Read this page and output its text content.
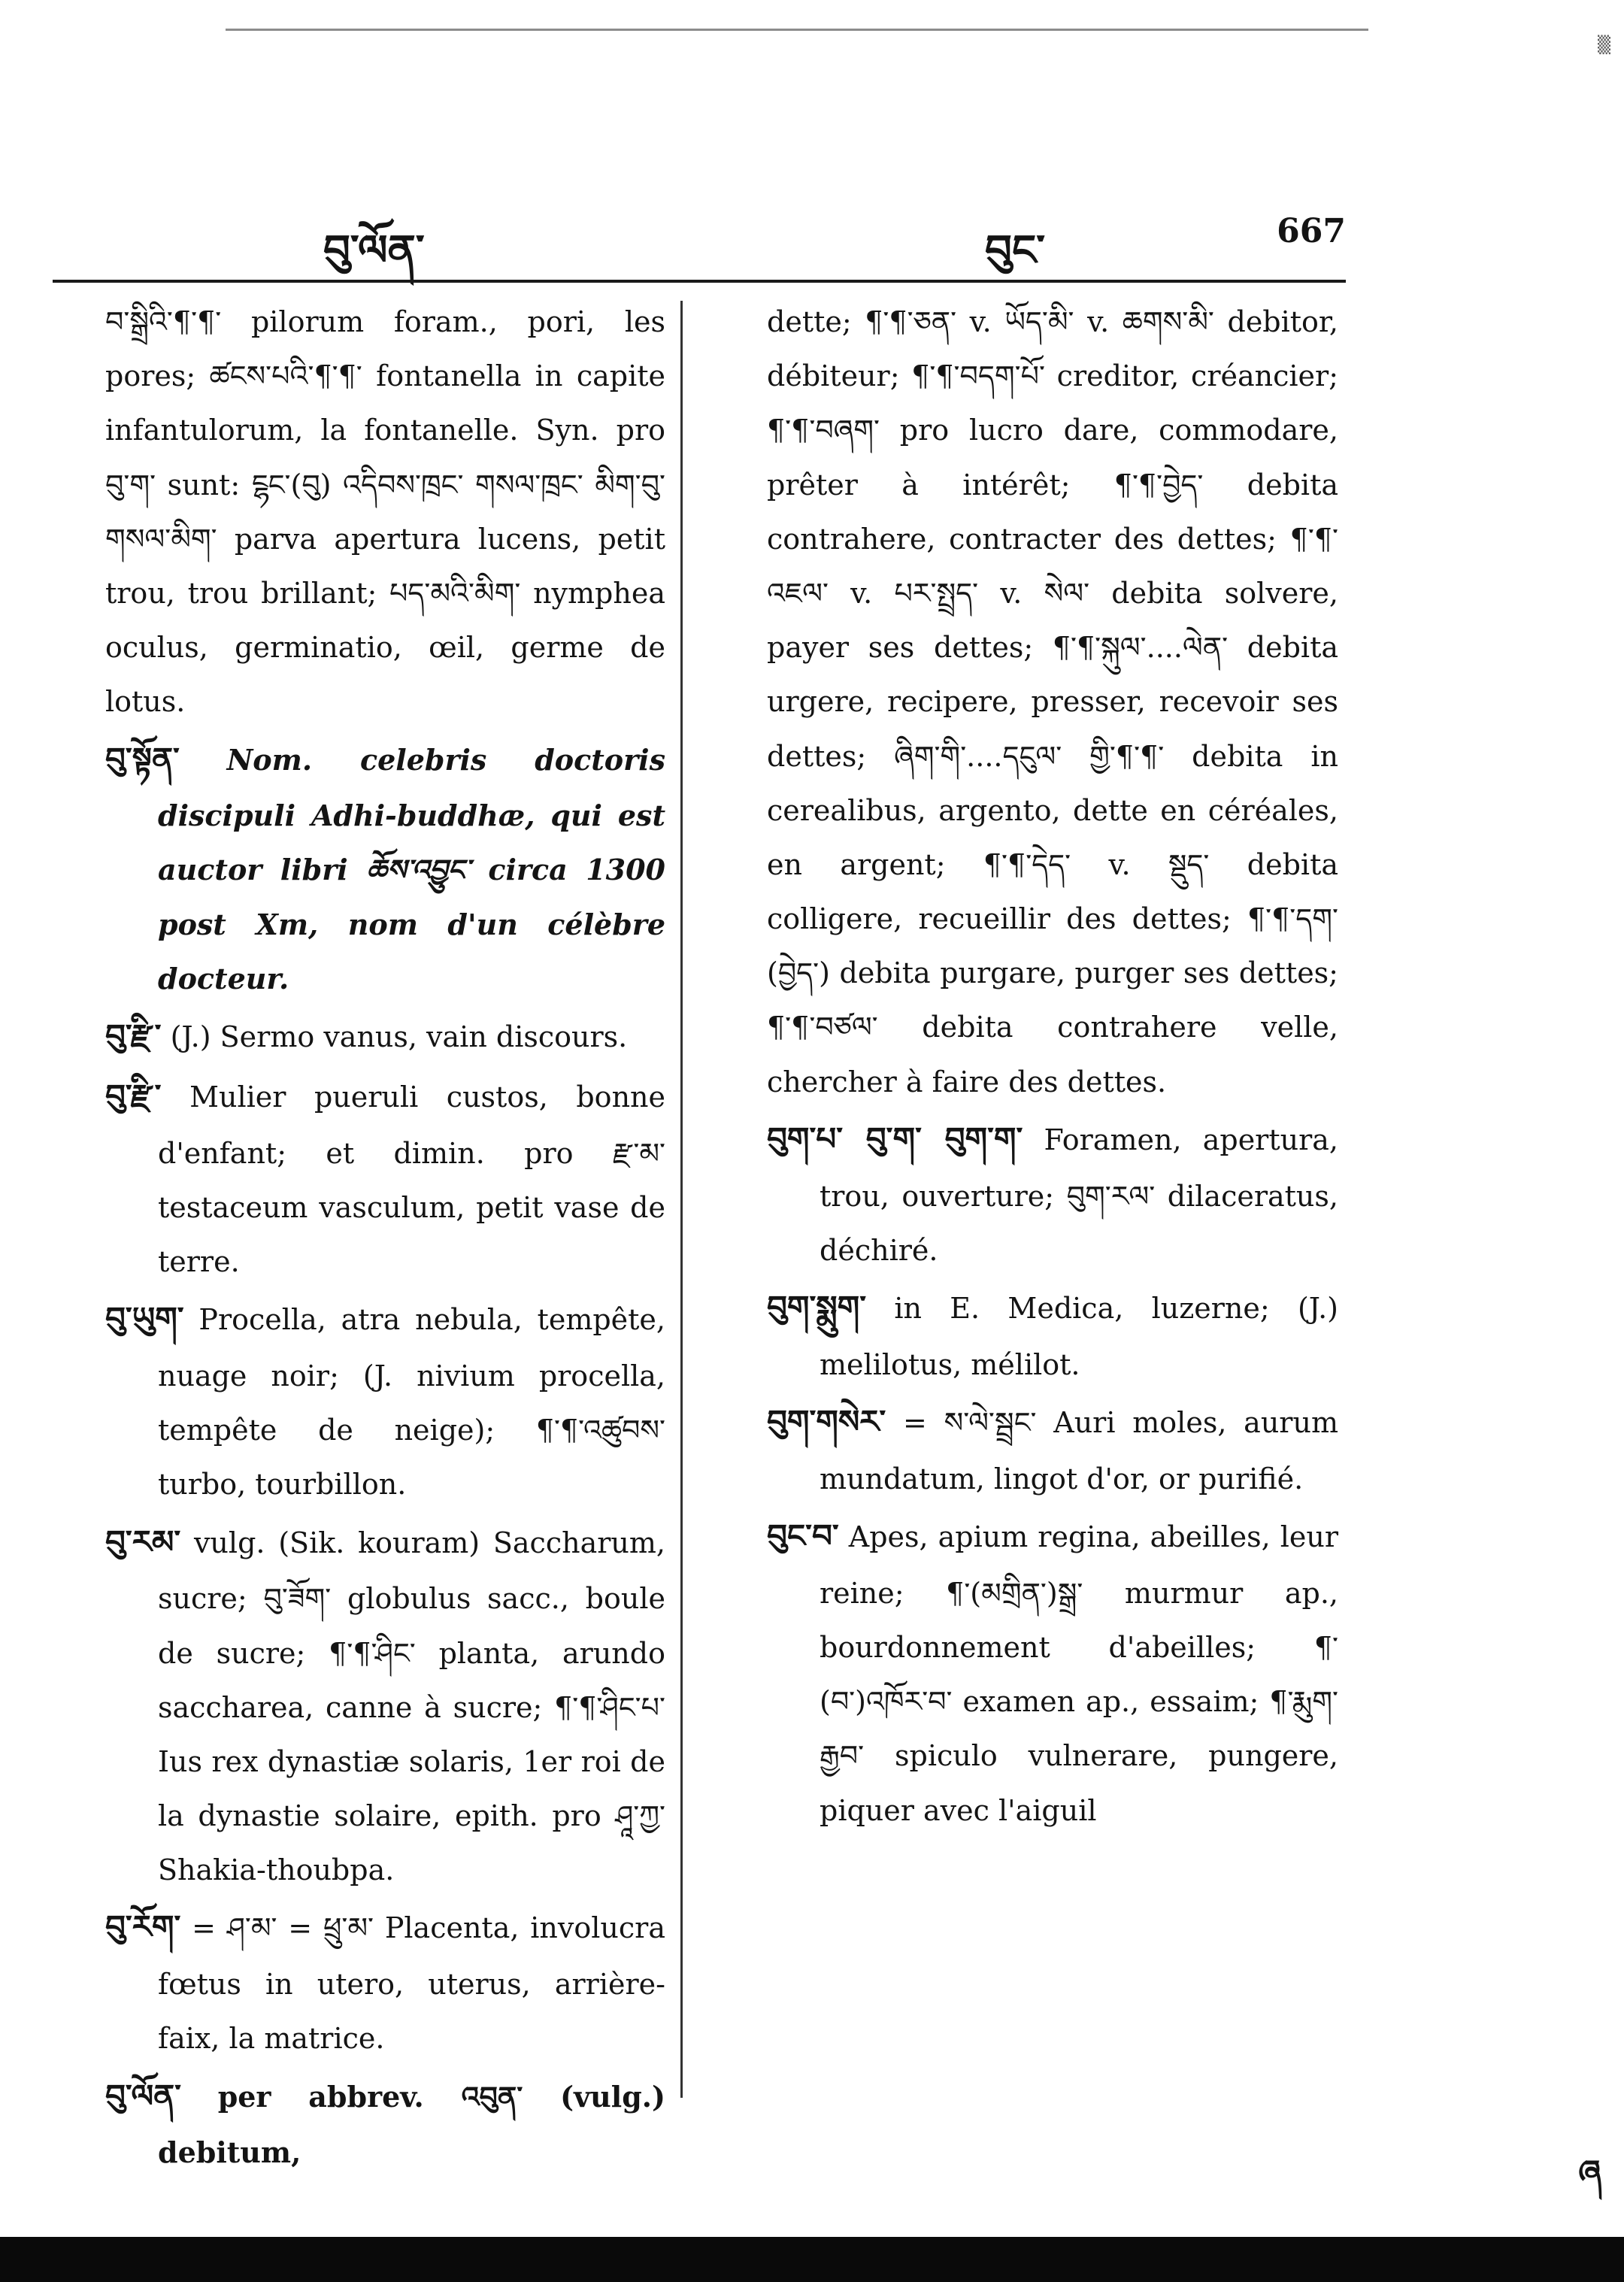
▒
བུ་ལོན་	བུང་	667

བ་སྒྲིའི་¶་¶་ pilorum foram., pori, les pores; ཚངས་པའི་¶་¶་ fontanella in capite infantulorum, la fontanelle. Syn. pro བུ་ག་ sunt: ངྷང་(བུ) འདིབས་ཁྲང་ གསལ་ཁྲང་ མིག་བུ་ གསལ་མིག་ parva apertura lucens, petit trou, trou brillant; པད་མའི་མིག་ nymphea oculus, germinatio, œil, germe de lotus.

བུ་སྟོན་ Nom. celebris doctoris discipuli Adhi-buddhæ, qui est auctor libri ཆོས་འབྱུང་ circa 1300 post Xm, nom d'un célèbre docteur.

བུ་རྫི་ (J.) Sermo vanus, vain discours.

བུ་རྫི་ Mulier pueruli custos, bonne d'enfant; et dimin. pro རྫ་མ་ testaceum vasculum, petit vase de terre.

བུ་ཡུག་ Procella, atra nebula, tempête, nuage noir; (J. nivium procella, tempête de neige); ¶་¶་འཚུབས་ turbo, tourbillon.

བུ་རམ་ vulg. (Sik. kouram) Saccharum, sucre; བུ་ཟོག་ globulus sacc., boule de sucre; ¶་¶་ཤིང་ planta, arundo saccharea, canne à sucre; ¶་¶་ཤིང་པ་ Ius rex dynastiæ solaris, 1er roi de la dynastie solaire, epith. pro ཤཱ་ཀྱ་ Shakia-thoubpa.

བུ་རོག་ = ཤ་མ་ = ཕྲུ་མ་ Placenta, involucra fœtus in utero, uterus, arrière-faix, la matrice.

བུ་ལོན་ per abbrev. འབུན་ (vulg.) debitum,

dette; ¶་¶་ཅན་ v. ཡོད་མི་ v. ཆགས་མི་ debitor, débiteur; ¶་¶་བདག་པོ་ creditor, créancier; ¶་¶་བཞག་ pro lucro dare, commodare, prêter à intérêt; ¶་¶་བྱེད་ debita contrahere, contracter des dettes; ¶་¶་འཇལ་ v. པར་སྤྲད་ v. སེལ་ debita solvere, payer ses dettes; ¶་¶་སྐུལ་....ལེན་ debita urgere, recipere, presser, recevoir ses dettes; ཞིག་གི་....དངུལ་ གྱི་¶་¶་ debita in cerealibus, argento, dette en céréales, en argent; ¶་¶་དེད་ v. སྡུད་ debita colligere, recueillir des dettes; ¶་¶་དག་(བྱེད་) debita purgare, purger ses dettes; ¶་¶་བཙལ་ debita contrahere velle, chercher à faire des dettes.

བུག་པ་ བུ་ག་ བུག་ག་ Foramen, apertura, trou, ouverture; བུག་རལ་ dilaceratus, déchiré.

བུག་སྨུག་ in E. Medica, luzerne; (J.) melilotus, mélilot.

བུག་གསེར་ = ས་ལེ་སྦྲང་ Auri moles, aurum mundatum, lingot d'or, or purifié.

བུང་བ་ Apes, apium regina, abeilles, leur reine; ¶་(མགྲིན་)སྒྲ་ murmur ap., bourdonnement d'abeilles; ¶་(བ་)འཁོར་བ་ examen ap., essaim; ¶་རྨུག་རྒྱབ་ spiculo vulnerare, pungere, piquer avec l'aiguil

ཞ
